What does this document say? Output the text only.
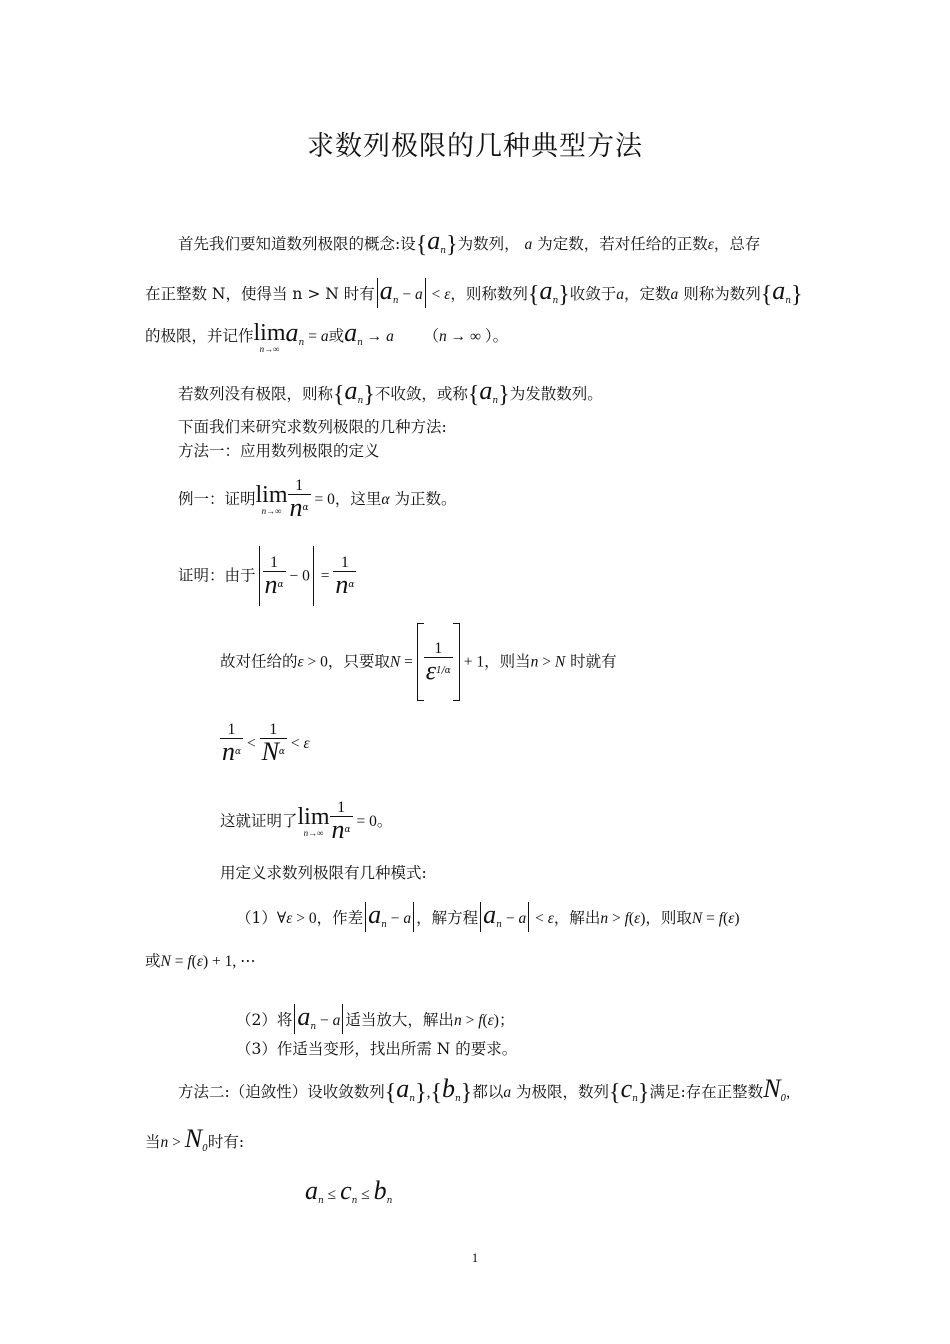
求数列极限的几种典型方法
首先我们要知道数列极限的概念:设$\{a_n\}$为数列， a 为定数，若对任给的正数ε，总存
在正整数 N，使得当 n > N 时有 $a_n - a < \varepsilon$，则称数列$\{a_n\}$收敛于a，定数a 则称为数列$\{a_n\}$
的极限，并记作 lim
n→∞
$a_n = a$或$a_n \to a$ （n → ∞ ）。
若数列没有极限，则称$\{a_n\}$不收敛，或称$\{a_n\}$为发散数列。
下面我们来研究求数列极限的几种方法:
方法一：应用数列极限的定义
例一：证明 lim
$n\to\infty \frac{1}{n^\alpha} = 0$，这里α 为正数。
证明：由于 $\frac{1}{n^\alpha} - 0 = \frac{1}{n^\alpha}$
故对任给的ε > 0，只要取$N = \frac{1}{\varepsilon^{1/\alpha}} + 1$，则当n > N 时就有
$\frac{1}{n^\alpha} < \frac{1}{N^\alpha} < \varepsilon$
这就证明了 lim
$n\to\infty \frac{1}{n^\alpha} = 0$。
用定义求数列极限有几种模式:
（1）∀ε > 0，作差 $a_n - a$ ，解方程 $a_n - a < \varepsilon$，解出n > f(ε)，则取N = f(ε)
或N = f(ε) + 1, ⋯
（2）将 $a_n - a$ 适当放大，解出n > f(ε)；
（3）作适当变形，找出所需 N 的要求。
方法二:（迫敛性）设收敛数列$\{a_n\},\{b_n\}$都以a 为极限，数列$\{c_n\}$满足:存在正整数$N_0$,
当$n > N_0$时有:
$a_n \le c_n \le b_n$
1
